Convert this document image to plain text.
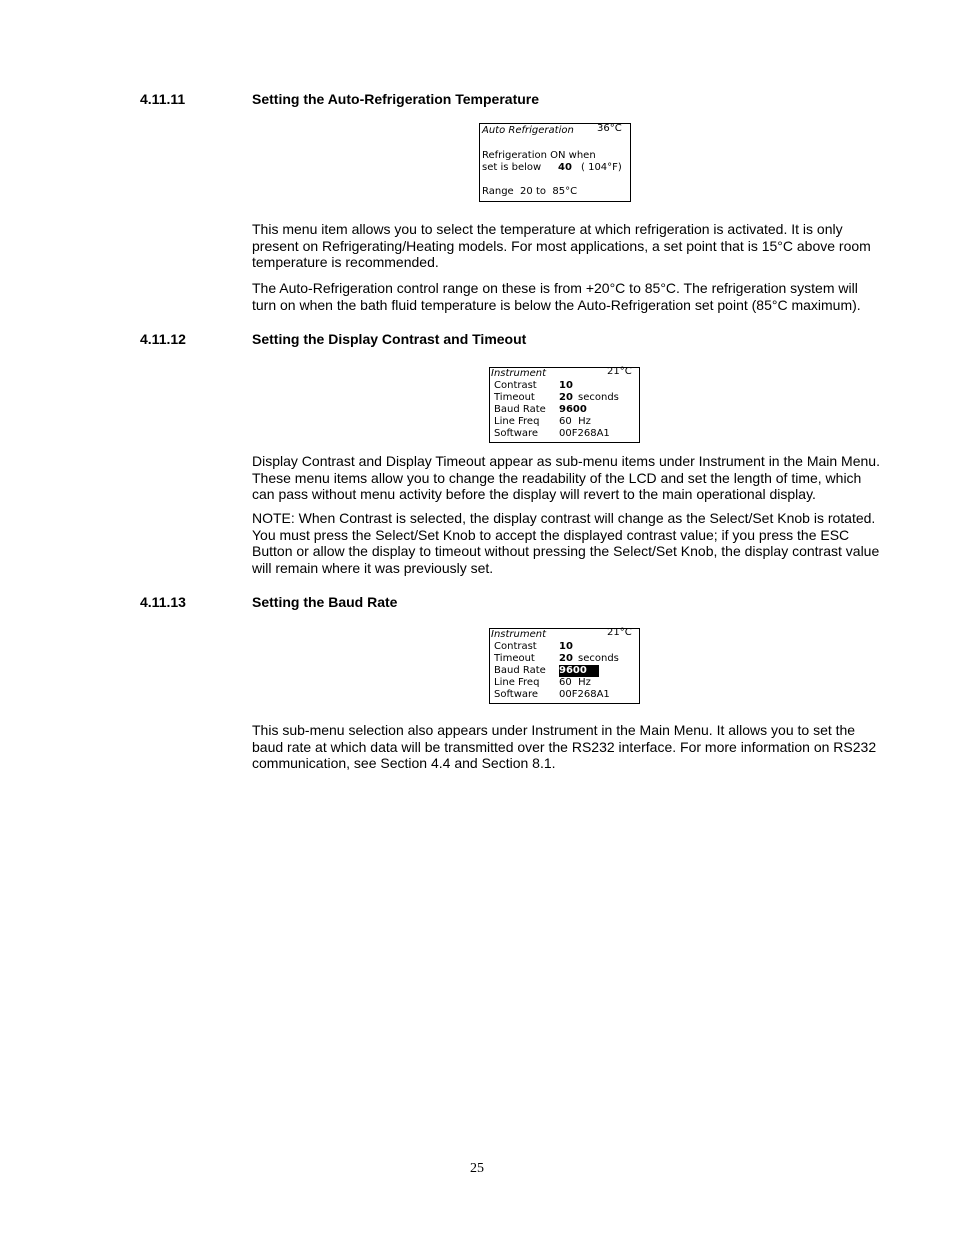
4.11.11	Setting the Auto-Refrigeration Temperature
Auto Refrigeration 36°C
Refrigeration ON when
set is below 40 ( 104°F)
Range  20 to  85°C

This menu item allows you to select the temperature at which refrigeration is activated. It is only present on Refrigerating/Heating models. For most applications, a set point that is 15°C above room temperature is recommended.

The Auto-Refrigeration control range on these is from +20°C to 85°C. The refrigeration system will turn on when the bath fluid temperature is below the Auto-Refrigeration set point (85°C maximum).

4.11.12	Setting the Display Contrast and Timeout
Instrument	21°C
Contrast 10
Timeout 20 seconds
Baud Rate 9600
Line Freq 60  Hz
Software 00F268A1

Display Contrast and Display Timeout appear as sub-menu items under Instrument in the Main Menu. These menu items allow you to change the readability of the LCD and set the length of time, which can pass without menu activity before the display will revert to the main operational display.

NOTE: When Contrast is selected, the display contrast will change as the Select/Set Knob is rotated. You must press the Select/Set Knob to accept the displayed contrast value; if you press the ESC Button or allow the display to timeout without pressing the Select/Set Knob, the display contrast value will remain where it was previously set.

4.11.13	Setting the Baud Rate
Instrument	21°C
Contrast 10
Timeout 20 seconds
Baud Rate 9600
Line Freq 60  Hz
Software 00F268A1

This sub-menu selection also appears under Instrument in the Main Menu. It allows you to set the baud rate at which data will be transmitted over the RS232 interface. For more information on RS232 communication, see Section 4.4 and Section 8.1.

25
